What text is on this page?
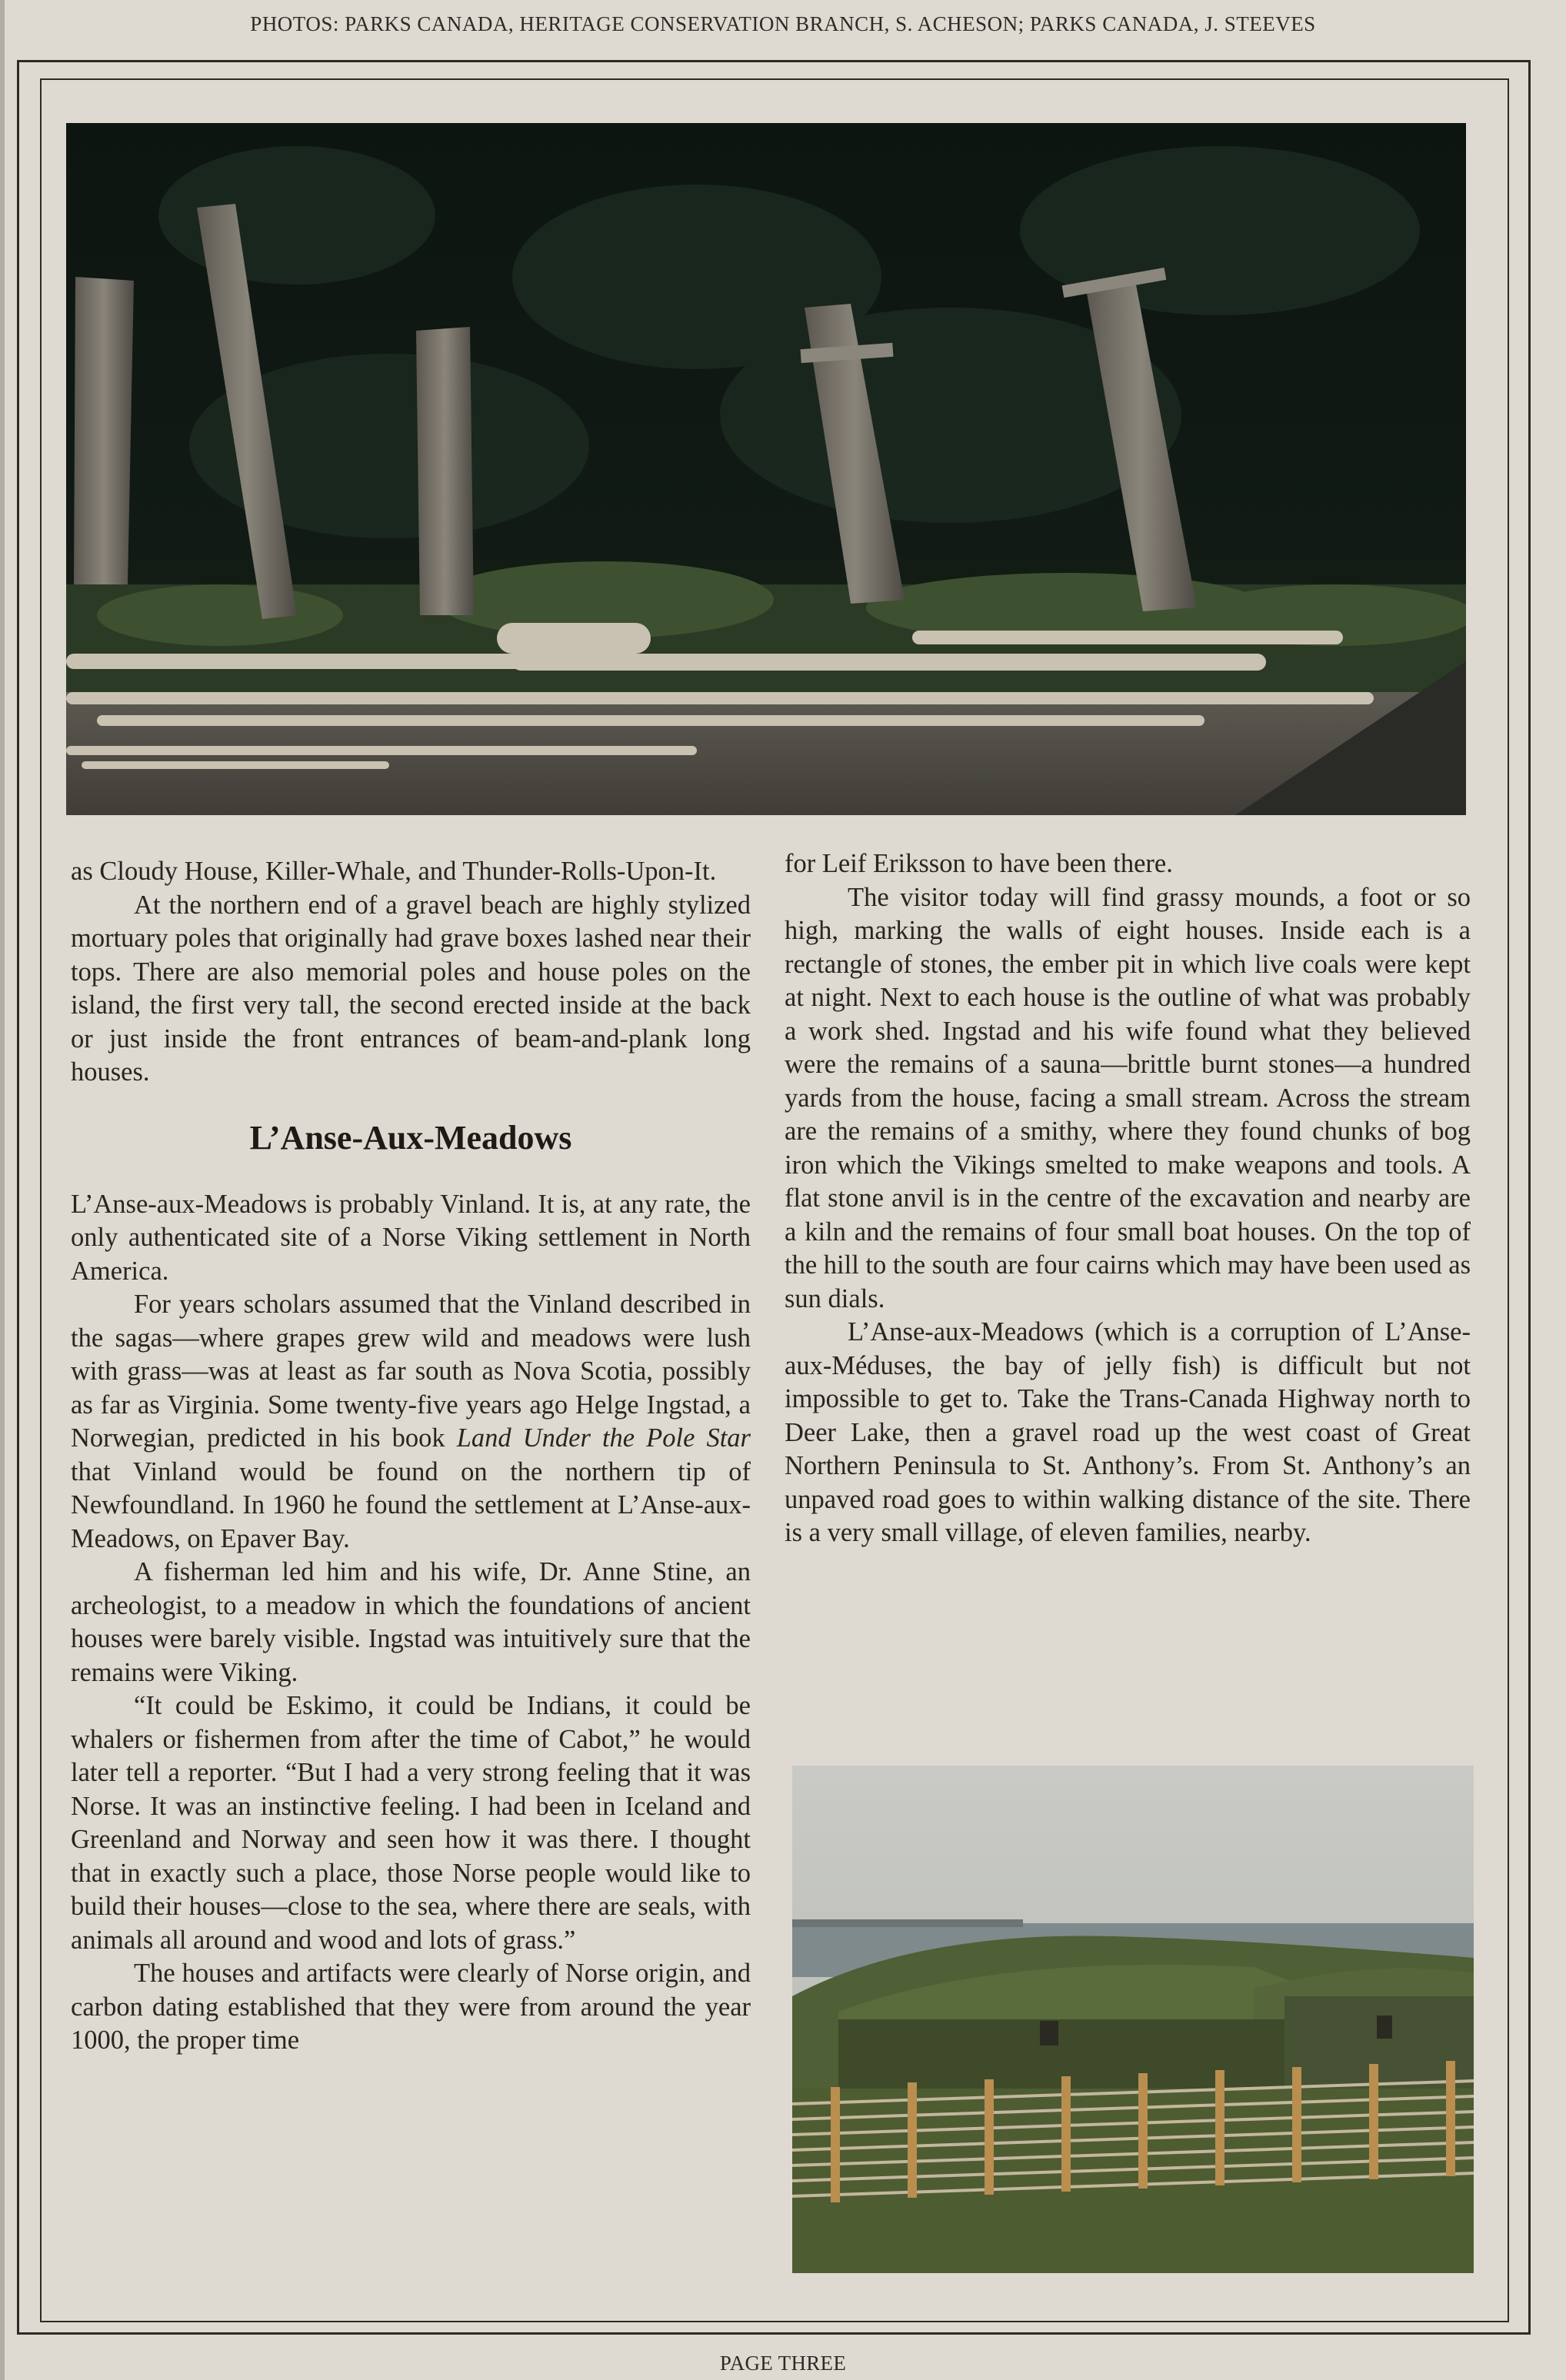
PHOTOS: PARKS CANADA, HERITAGE CONSERVATION BRANCH, S. ACHESON; PARKS CANADA, J. STEEVES

as Cloudy House, Killer-Whale, and Thunder-Rolls-Upon-It.

At the northern end of a gravel beach are highly stylized mortuary poles that originally had grave boxes lashed near their tops. There are also memorial poles and house poles on the island, the first very tall, the second erected inside at the back or just inside the front entrances of beam-and-plank long houses.

L’Anse-Aux-Meadows

L’Anse-aux-Meadows is probably Vinland. It is, at any rate, the only authenticated site of a Norse Viking settlement in North America.

For years scholars assumed that the Vinland described in the sagas—where grapes grew wild and meadows were lush with grass—was at least as far south as Nova Scotia, possibly as far as Virginia. Some twenty-five years ago Helge Ingstad, a Norwegian, predicted in his book Land Under the Pole Star that Vinland would be found on the northern tip of Newfoundland. In 1960 he found the settlement at L’Anse-aux-Meadows, on Epaver Bay.

A fisherman led him and his wife, Dr. Anne Stine, an archeologist, to a meadow in which the foundations of ancient houses were barely visible. Ingstad was intuitively sure that the remains were Viking.

“It could be Eskimo, it could be Indians, it could be whalers or fishermen from after the time of Cabot,” he would later tell a reporter. “But I had a very strong feeling that it was Norse. It was an instinctive feeling. I had been in Iceland and Greenland and Norway and seen how it was there. I thought that in exactly such a place, those Norse people would like to build their houses—close to the sea, where there are seals, with animals all around and wood and lots of grass.”

The houses and artifacts were clearly of Norse origin, and carbon dating established that they were from around the year 1000, the proper time

for Leif Eriksson to have been there.

The visitor today will find grassy mounds, a foot or so high, marking the walls of eight houses. Inside each is a rectangle of stones, the ember pit in which live coals were kept at night. Next to each house is the outline of what was probably a work shed. Ingstad and his wife found what they believed were the remains of a sauna—brittle burnt stones—a hundred yards from the house, facing a small stream. Across the stream are the remains of a smithy, where they found chunks of bog iron which the Vikings smelted to make weapons and tools. A flat stone anvil is in the centre of the excavation and nearby are a kiln and the remains of four small boat houses. On the top of the hill to the south are four cairns which may have been used as sun dials.

L’Anse-aux-Meadows (which is a corruption of L’Anse-aux-Méduses, the bay of jelly fish) is difficult but not impossible to get to. Take the Trans-Canada Highway north to Deer Lake, then a gravel road up the west coast of Great Northern Peninsula to St. Anthony’s. From St. Anthony’s an unpaved road goes to within walking distance of the site. There is a very small village, of eleven families, nearby.

PAGE THREE
